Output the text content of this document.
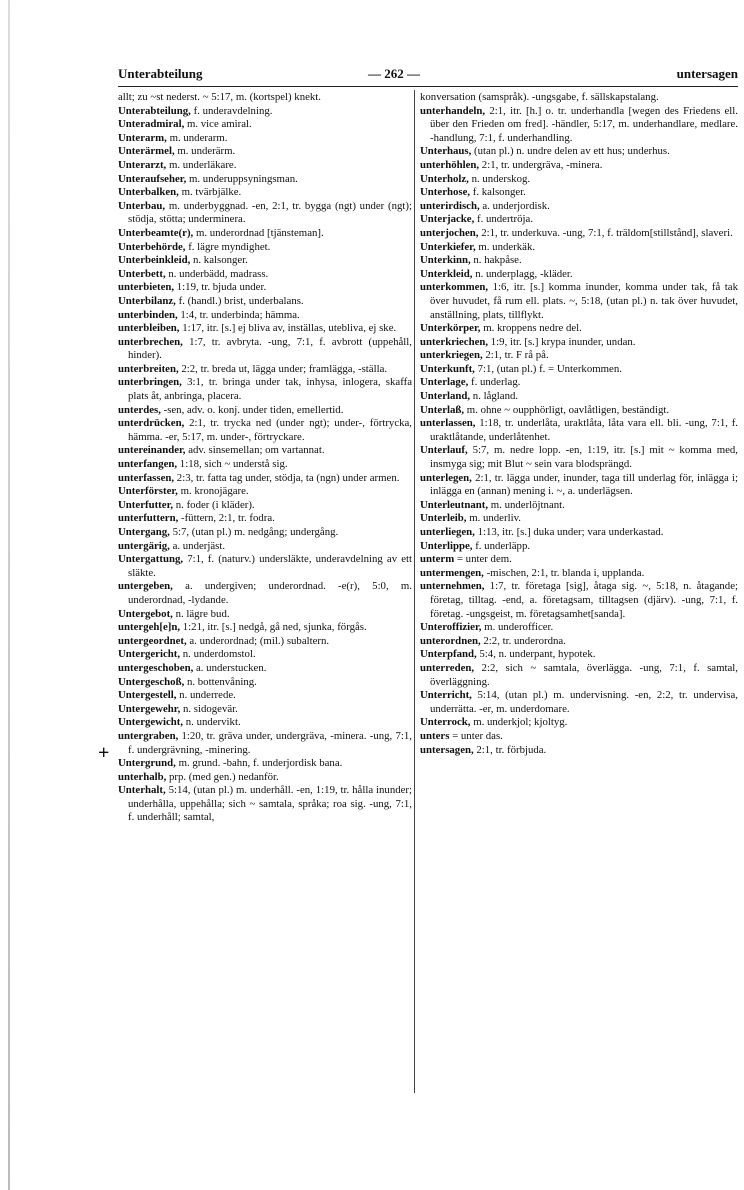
Unterabteilung	— 262 —	untersagen
+

allt; zu ~st nederst. ~ 5:17, m. (kortspel) knekt.

Unterabteilung, f. underavdelning.

Unteradmiral, m. vice amiral.

Unterarm, m. underarm.

Unterärmel, m. underärm.

Unterarzt, m. underläkare.

Unteraufseher, m. underuppsyningsman.

Unterbalken, m. tvärbjälke.

Unterbau, m. underbyggnad. -en, 2:1, tr. bygga (ngt) under (ngt); stödja, stötta; underminera.

Unterbeamte(r), m. underordnad [tjänsteman].

Unterbehörde, f. lägre myndighet.

Unterbeinkleid, n. kalsonger.

Unterbett, n. underbädd, madrass.

unterbieten, 1:19, tr. bjuda under.

Unterbilanz, f. (handl.) brist, underbalans.

unterbinden, 1:4, tr. underbinda; hämma.

unterbleiben, 1:17, itr. [s.] ej bliva av, inställas, utebliva, ej ske.

unterbrechen, 1:7, tr. avbryta. -ung, 7:1, f. avbrott (uppehåll, hinder).

unterbreiten, 2:2, tr. breda ut, lägga under; framlägga, -ställa.

unterbringen, 3:1, tr. bringa under tak, inhysa, inlogera, skaffa plats åt, anbringa, placera.

unterdes, -sen, adv. o. konj. under tiden, emellertid.

unterdrücken, 2:1, tr. trycka ned (under ngt); under-, förtrycka, hämma. -er, 5:17, m. under-, förtryckare.

untereinander, adv. sinsemellan; om vartannat.

unterfangen, 1:18, sich ~ understå sig.

unterfassen, 2:3, tr. fatta tag under, stödja, ta (ngn) under armen.

Unterförster, m. kronojägare.

Unterfutter, n. foder (i kläder).

unterfuttern, -füttern, 2:1, tr. fodra.

Untergang, 5:7, (utan pl.) m. nedgång; undergång.

untergärig, a. underjäst.

Untergattung, 7:1, f. (naturv.) undersläkte, underavdelning av ett släkte.

untergeben, a. undergiven; underordnad. -e(r), 5:0, m. underordnad, -lydande.

Untergebot, n. lägre bud.

untergeh[e]n, 1:21, itr. [s.] nedgå, gå ned, sjunka, förgås.

untergeordnet, a. underordnad; (mil.) subaltern.

Untergericht, n. underdomstol.

untergeschoben, a. understucken.

Untergeschoß, n. bottenvåning.

Untergestell, n. underrede.

Untergewehr, n. sidogevär.

Untergewicht, n. undervikt.

untergraben, 1:20, tr. gräva under, undergräva, -minera. -ung, 7:1, f. undergrävning, -minering.

Untergrund, m. grund. -bahn, f. underjordisk bana.

unterhalb, prp. (med gen.) nedanför.

Unterhalt, 5:14, (utan pl.) m. underhåll. -en, 1:19, tr. hålla inunder; underhålla, uppehålla; sich ~ samtala, språka; roa sig. -ung, 7:1, f. underhåll; samtal,

konversation (samspråk). -ungsgabe, f. sällskapstalang.

unterhandeln, 2:1, itr. [h.] o. tr. underhandla [wegen des Friedens ell. über den Frieden om fred]. -händler, 5:17, m. underhandlare, medlare. -handlung, 7:1, f. underhandling.

Unterhaus, (utan pl.) n. undre delen av ett hus; underhus.

unterhöhlen, 2:1, tr. undergräva, -minera.

Unterholz, n. underskog.

Unterhose, f. kalsonger.

unterirdisch, a. underjordisk.

Unterjacke, f. undertröja.

unterjochen, 2:1, tr. underkuva. -ung, 7:1, f. träldom[stillstånd], slaveri.

Unterkiefer, m. underkäk.

Unterkinn, n. hakpåse.

Unterkleid, n. underplagg, -kläder.

unterkommen, 1:6, itr. [s.] komma inunder, komma under tak, få tak över huvudet, få rum ell. plats. ~, 5:18, (utan pl.) n. tak över huvudet, anställning, plats, tillflykt.

Unterkörper, m. kroppens nedre del.

unterkriechen, 1:9, itr. [s.] krypa inunder, undan.

unterkriegen, 2:1, tr. F rå på.

Unterkunft, 7:1, (utan pl.) f. = Unterkommen.

Unterlage, f. underlag.

Unterland, n. lågland.

Unterlaß, m. ohne ~ oupphörligt, oavlåtligen, beständigt.

unterlassen, 1:18, tr. underlåta, uraktlåta, låta vara ell. bli. -ung, 7:1, f. uraktlåtande, underlåtenhet.

Unterlauf, 5:7, m. nedre lopp. -en, 1:19, itr. [s.] mit ~ komma med, insmyga sig; mit Blut ~ sein vara blodsprängd.

unterlegen, 2:1, tr. lägga under, inunder, taga till underlag för, inlägga i; inlägga en (annan) mening i. ~, a. underlägsen.

Unterleutnant, m. underlöjtnant.

Unterleib, m. underliv.

unterliegen, 1:13, itr. [s.] duka under; vara underkastad.

Unterlippe, f. underläpp.

unterm = unter dem.

untermengen, -mischen, 2:1, tr. blanda i, upplanda.

unternehmen, 1:7, tr. företaga [sig], åtaga sig. ~, 5:18, n. åtagande; företag, tilltag. -end, a. företagsam, tilltagsen (djärv). -ung, 7:1, f. företag. -ungsgeist, m. företagsamhet[sanda].

Unteroffizier, m. underofficer.

unterordnen, 2:2, tr. underordna.

Unterpfand, 5:4, n. underpant, hypotek.

unterreden, 2:2, sich ~ samtala, överlägga. -ung, 7:1, f. samtal, överläggning.

Unterricht, 5:14, (utan pl.) m. undervisning. -en, 2:2, tr. undervisa, underrätta. -er, m. underdomare.

Unterrock, m. underkjol; kjoltyg.

unters = unter das.

untersagen, 2:1, tr. förbjuda.
